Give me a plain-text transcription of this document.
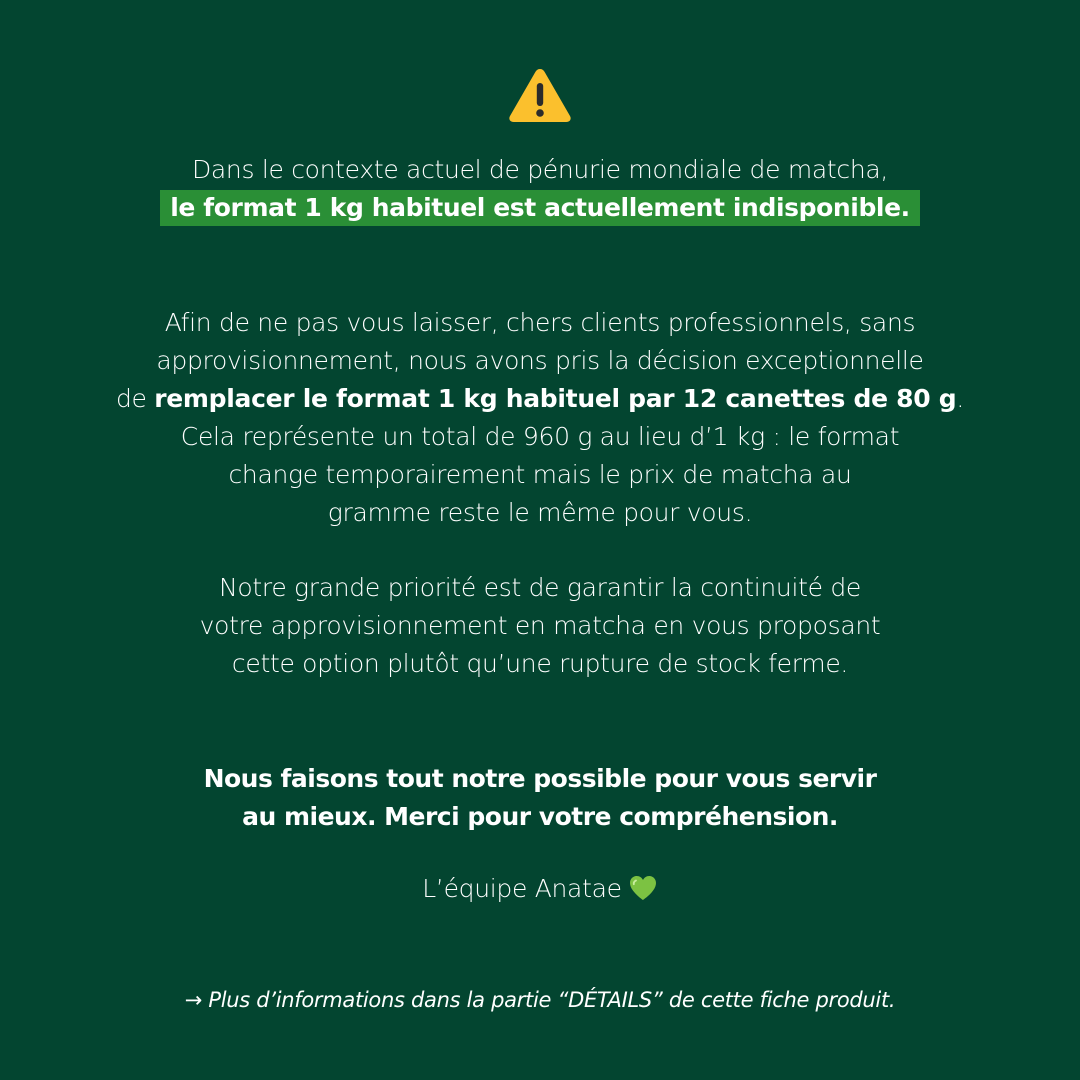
Dans le contexte actuel de pénurie mondiale de matcha,
le format 1 kg habituel est actuellement indisponible.
Afin de ne pas vous laisser, chers clients professionnels, sans
approvisionnement, nous avons pris la décision exceptionnelle
de remplacer le format 1 kg habituel par 12 canettes de 80 g.
Cela représente un total de 960 g au lieu d’1 kg : le format
change temporairement mais le prix de matcha au
gramme reste le même pour vous.
Notre grande priorité est de garantir la continuité de
votre approvisionnement en matcha en vous proposant
cette option plutôt qu’une rupture de stock ferme.
Nous faisons tout notre possible pour vous servir
au mieux. Merci pour votre compréhension.
L’équipe Anatae
→ Plus d’informations dans la partie “DÉTAILS” de cette fiche produit.
